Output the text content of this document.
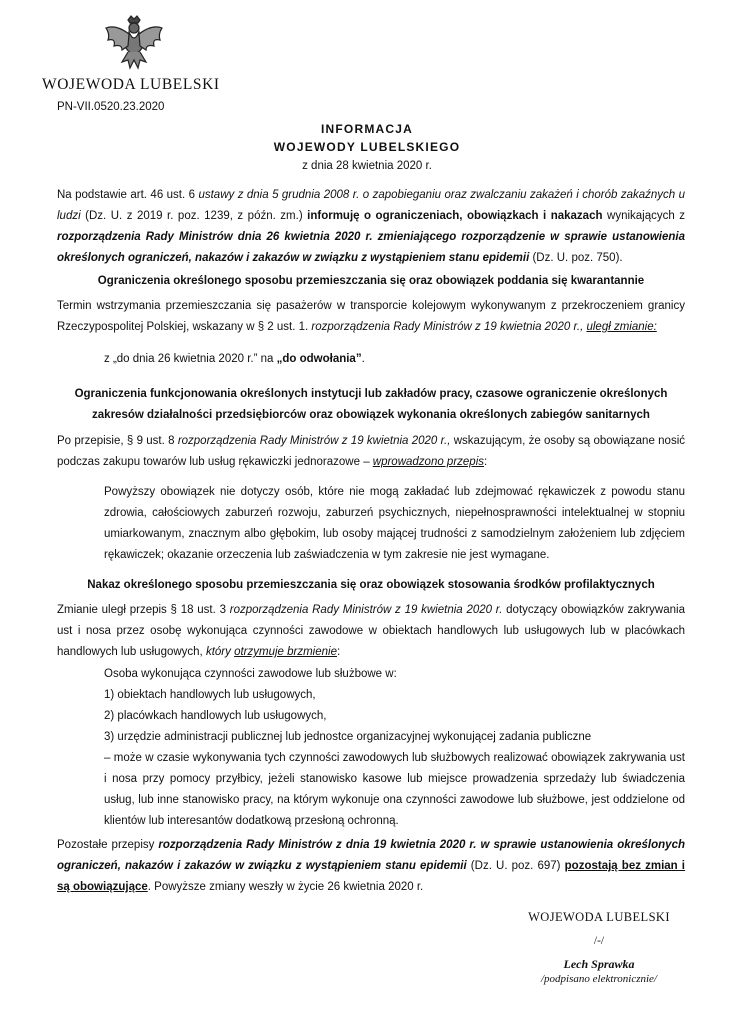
WOJEWODA LUBELSKI
PN-VII.0520.23.2020
INFORMACJA
WOJEWODY LUBELSKIEGO
z dnia 28 kwietnia 2020 r.

Na podstawie art. 46 ust. 6 ustawy z dnia 5 grudnia 2008 r. o zapobieganiu oraz zwalczaniu zakażeń i chorób zakaźnych u ludzi (Dz. U. z 2019 r. poz. 1239, z późn. zm.) informuję o ograniczeniach, obowiązkach i nakazach wynikających z rozporządzenia Rady Ministrów dnia 26 kwietnia 2020 r. zmieniającego rozporządzenie w sprawie ustanowienia określonych ograniczeń, nakazów i zakazów w związku z wystąpieniem stanu epidemii (Dz. U. poz. 750).

Ograniczenia określonego sposobu przemieszczania się oraz obowiązek poddania się kwarantannie

Termin wstrzymania przemieszczania się pasażerów w transporcie kolejowym wykonywanym z przekroczeniem granicy Rzeczypospolitej Polskiej, wskazany w § 2 ust. 1. rozporządzenia Rady Ministrów z 19 kwietnia 2020 r., uległ zmianie:

z „do dnia 26 kwietnia 2020 r.” na „do odwołania”.

Ograniczenia funkcjonowania określonych instytucji lub zakładów pracy, czasowe ograniczenie określonych zakresów działalności przedsiębiorców oraz obowiązek wykonania określonych zabiegów sanitarnych

Po przepisie, § 9 ust. 8 rozporządzenia Rady Ministrów z 19 kwietnia 2020 r., wskazującym, że osoby są obowiązane nosić podczas zakupu towarów lub usług rękawiczki jednorazowe – wprowadzono przepis:

Powyższy obowiązek nie dotyczy osób, które nie mogą zakładać lub zdejmować rękawiczek z powodu stanu zdrowia, całościowych zaburzeń rozwoju, zaburzeń psychicznych, niepełnosprawności intelektualnej w stopniu umiarkowanym, znacznym albo głębokim, lub osoby mającej trudności z samodzielnym założeniem lub zdjęciem rękawiczek; okazanie orzeczenia lub zaświadczenia w tym zakresie nie jest wymagane.

Nakaz określonego sposobu przemieszczania się oraz obowiązek stosowania środków profilaktycznych

Zmianie uległ przepis § 18 ust. 3 rozporządzenia Rady Ministrów z 19 kwietnia 2020 r. dotyczący obowiązków zakrywania ust i nosa przez osobę wykonująca czynności zawodowe w obiektach handlowych lub usługowych lub w placówkach handlowych lub usługowych, który otrzymuje brzmienie:

Osoba wykonująca czynności zawodowe lub służbowe w:
1) obiektach handlowych lub usługowych,
2) placówkach handlowych lub usługowych,
3) urzędzie administracji publicznej lub jednostce organizacyjnej wykonującej zadania publiczne
– może w czasie wykonywania tych czynności zawodowych lub służbowych realizować obowiązek zakrywania ust i nosa przy pomocy przyłbicy, jeżeli stanowisko kasowe lub miejsce prowadzenia sprzedaży lub świadczenia usług, lub inne stanowisko pracy, na którym wykonuje ona czynności zawodowe lub służbowe, jest oddzielone od klientów lub interesantów dodatkową przesłoną ochronną.

Pozostałe przepisy rozporządzenia Rady Ministrów z dnia 19 kwietnia 2020 r. w sprawie ustanowienia określonych ograniczeń, nakazów i zakazów w związku z wystąpieniem stanu epidemii (Dz. U. poz. 697) pozostają bez zmian i są obowiązujące. Powyższe zmiany weszły w życie 26 kwietnia 2020 r.

WOJEWODA LUBELSKI
/-/
Lech Sprawka
/podpisano elektronicznie/
